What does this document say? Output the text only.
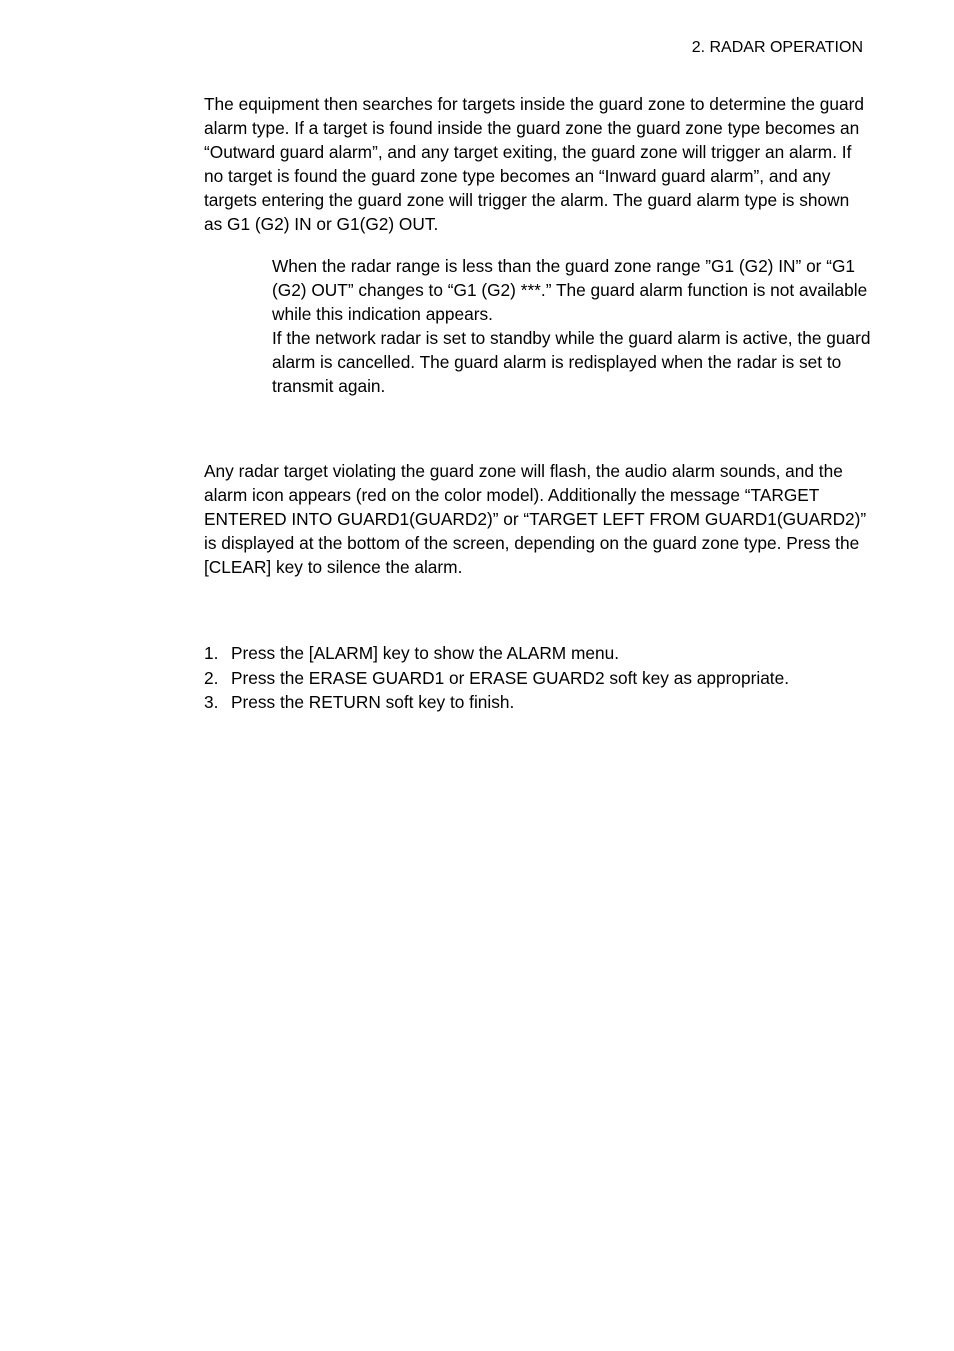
2. RADAR OPERATION

The equipment then searches for targets inside the guard zone to determine the guard alarm type. If a target is found inside the guard zone the guard zone type becomes an “Outward guard alarm”, and any target exiting, the guard zone will trigger an alarm. If no target is found the guard zone type becomes an “Inward guard alarm”, and any targets entering the guard zone will trigger the alarm. The guard alarm type is shown as G1 (G2) IN or G1(G2) OUT.

When the radar range is less than the guard zone range ”G1 (G2) IN” or “G1 (G2) OUT” changes to “G1 (G2) ***.” The guard alarm function is not available while this indication appears.

If the network radar is set to standby while the guard alarm is active, the guard alarm is cancelled. The guard alarm is redisplayed when the radar is set to transmit again.

Any radar target violating the guard zone will flash, the audio alarm sounds, and the alarm icon appears (red on the color model). Additionally the message “TARGET ENTERED INTO GUARD1(GUARD2)” or “TARGET LEFT FROM GUARD1(GUARD2)” is displayed at the bottom of the screen, depending on the guard zone type. Press the [CLEAR] key to silence the alarm.

1. Press the [ALARM] key to show the ALARM menu.
2. Press the ERASE GUARD1 or ERASE GUARD2 soft key as appropriate.
3. Press the RETURN soft key to finish.
